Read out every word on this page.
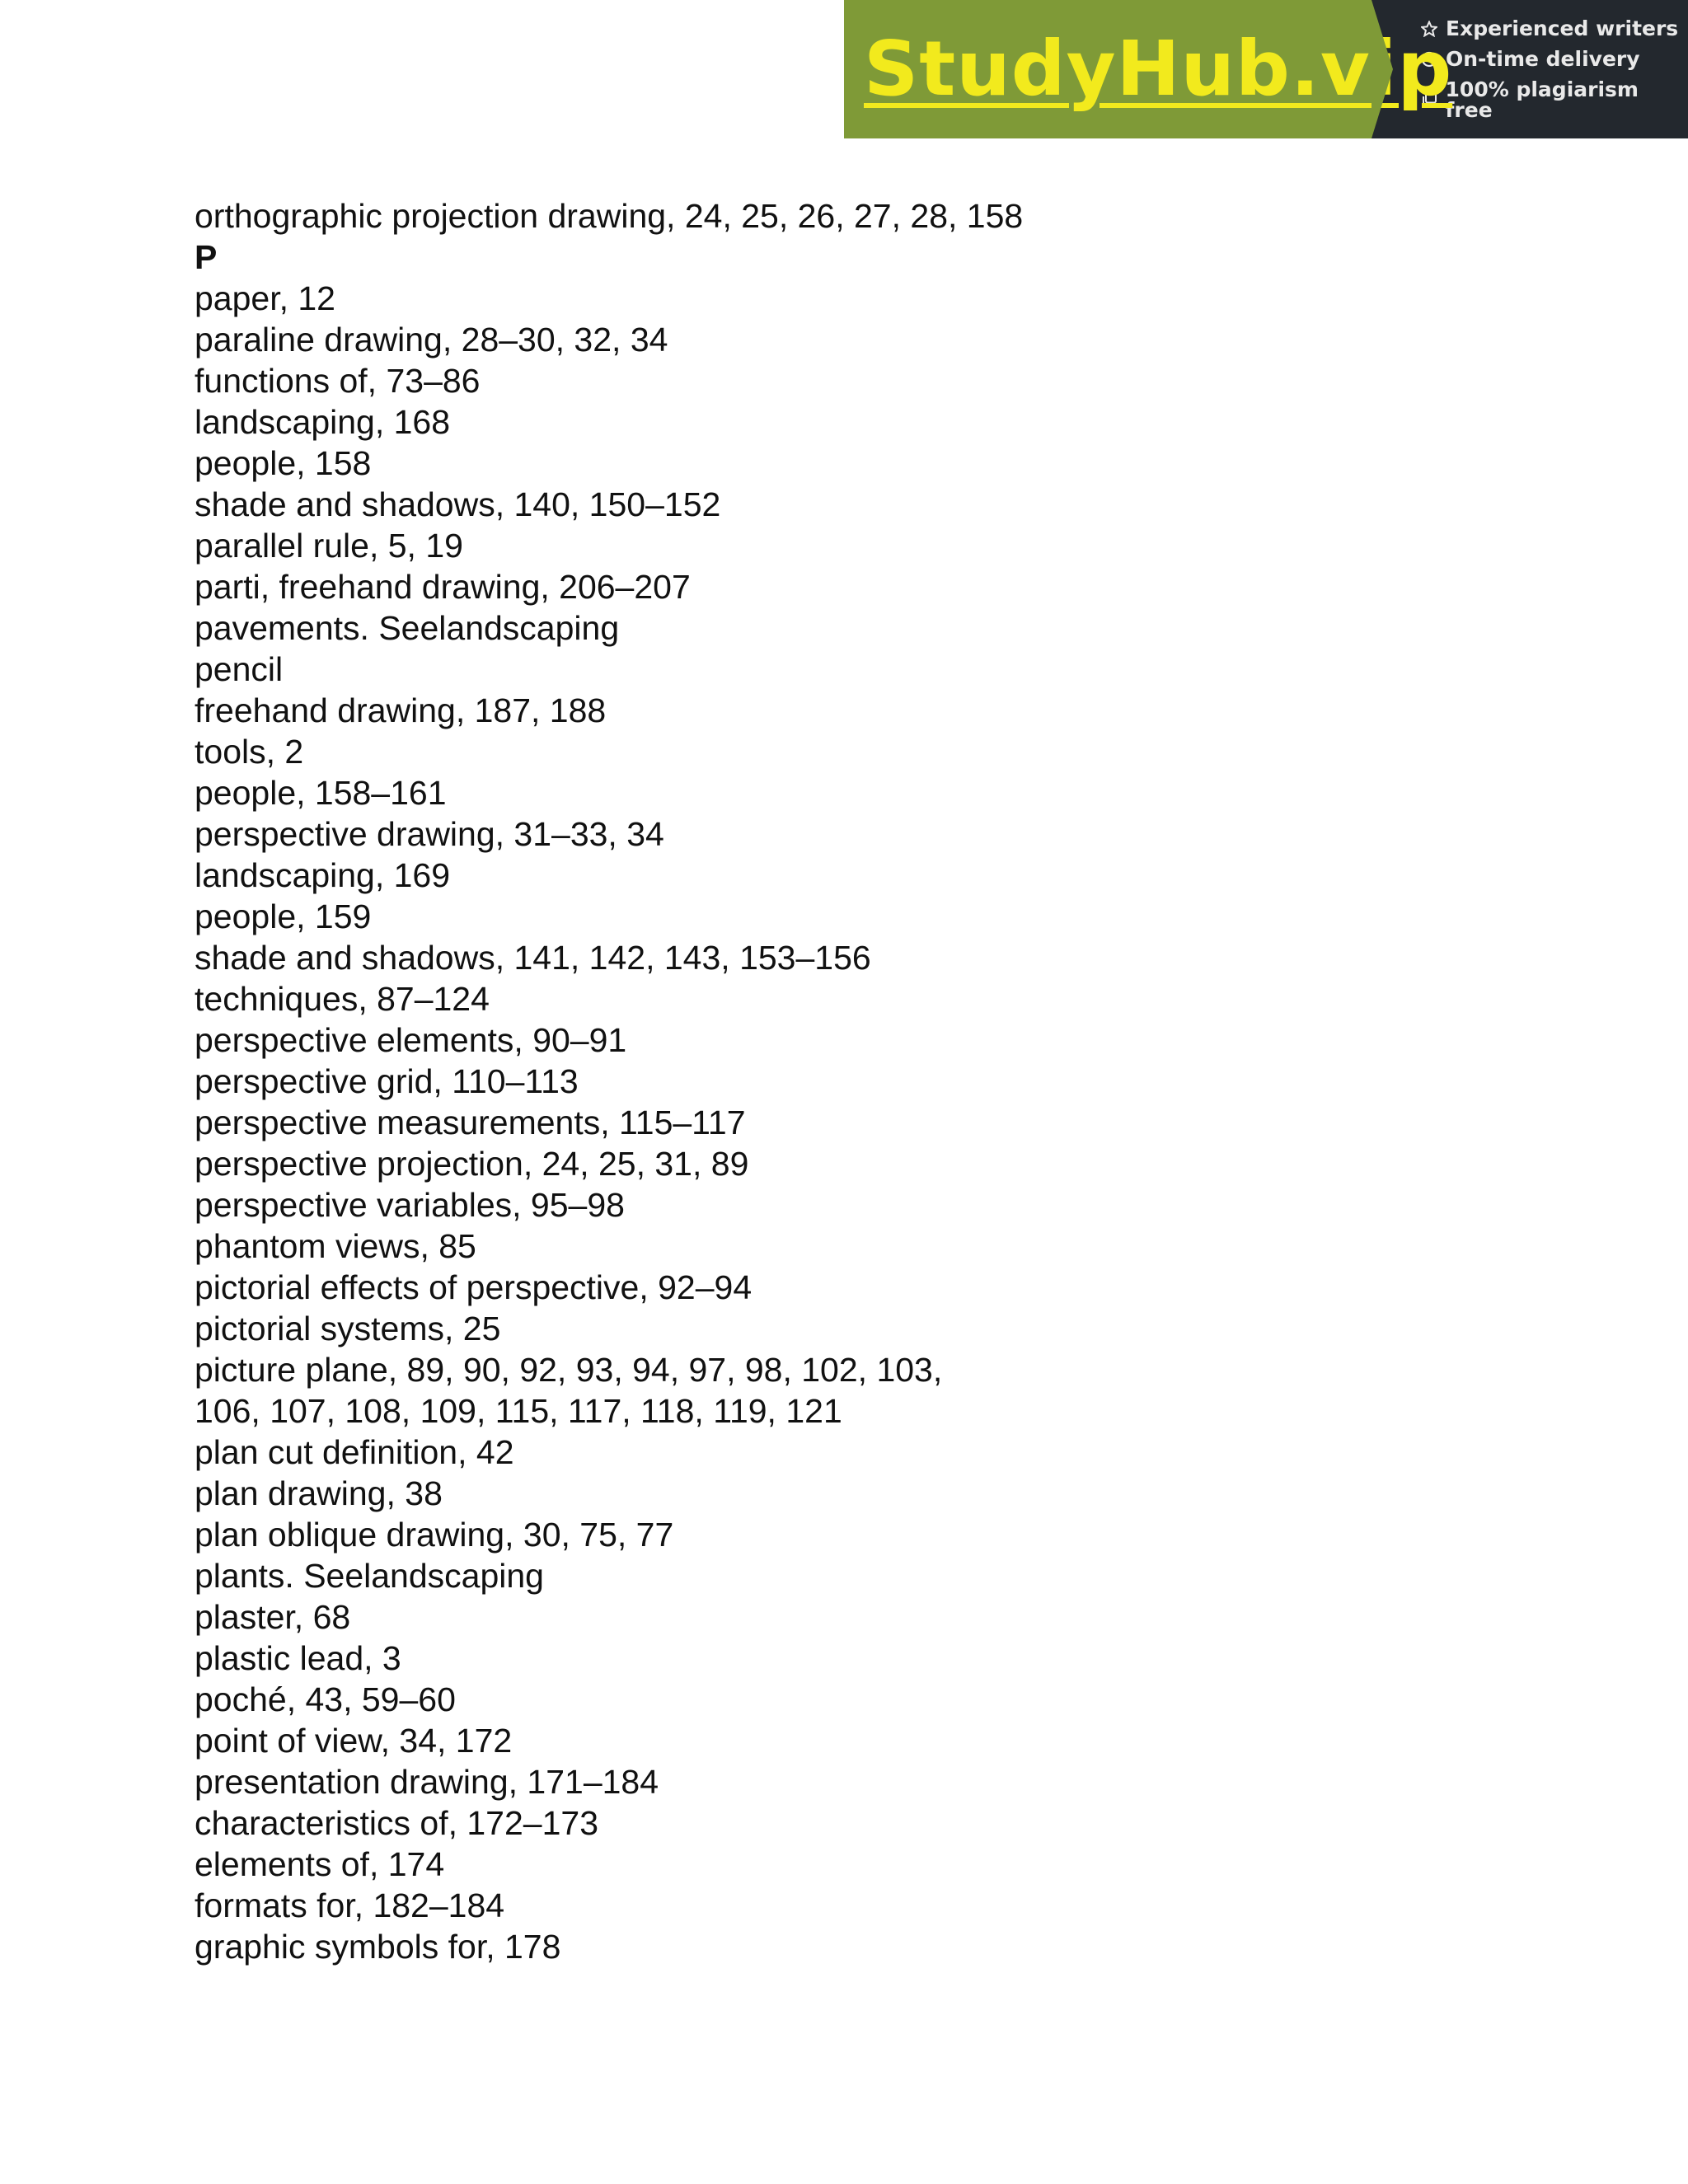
StudyHub.vip
Experienced writers
On-time delivery
100% plagiarism free
orthographic projection drawing, 24, 25, 26, 27, 28, 158
P
paper, 12
paraline drawing, 28–30, 32, 34
functions of, 73–86
landscaping, 168
people, 158
shade and shadows, 140, 150–152
parallel rule, 5, 19
parti, freehand drawing, 206–207
pavements. Seelandscaping
pencil
freehand drawing, 187, 188
tools, 2
people, 158–161
perspective drawing, 31–33, 34
landscaping, 169
people, 159
shade and shadows, 141, 142, 143, 153–156
techniques, 87–124
perspective elements, 90–91
perspective grid, 110–113
perspective measurements, 115–117
perspective projection, 24, 25, 31, 89
perspective variables, 95–98
phantom views, 85
pictorial effects of perspective, 92–94
pictorial systems, 25
picture plane, 89, 90, 92, 93, 94, 97, 98, 102, 103,
106, 107, 108, 109, 115, 117, 118, 119, 121
plan cut definition, 42
plan drawing, 38
plan oblique drawing, 30, 75, 77
plants. Seelandscaping
plaster, 68
plastic lead, 3
poché, 43, 59–60
point of view, 34, 172
presentation drawing, 171–184
characteristics of, 172–173
elements of, 174
formats for, 182–184
graphic symbols for, 178
